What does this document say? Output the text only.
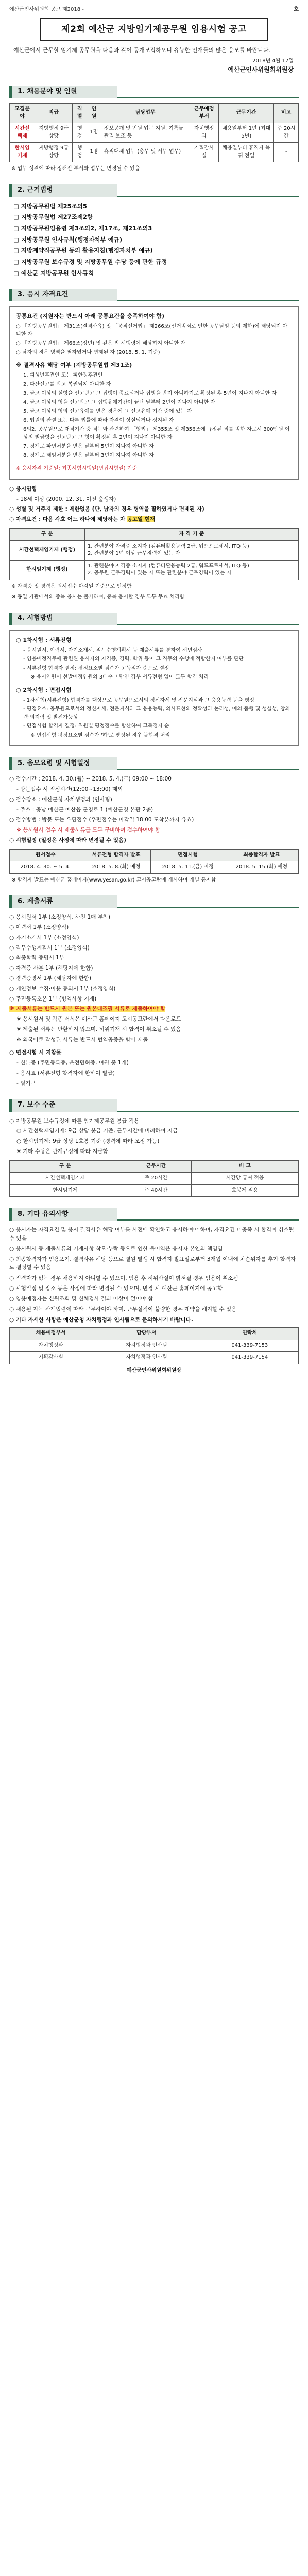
예산군인사위원회 공고 제2018 -	호
제2회 예산군 지방임기제공무원 임용시험 공고
예산군에서 근무할 임기제 공무원을 다음과 같이 공개모집하오니 유능한 인재들의 많은 응모를 바랍니다.
2018년 4월 17일
예산군인사위원회위원장
1. 채용분야 및 인원
모집분야	직급	직렬	인원	담당업무	근무예정부서	근무기간	비고
시간선택제	지방행정 9급 상당	행정	1명	정보공개 및 민원 업무 지원, 기록물 관리 보조 등	자치행정과	채용일부터 1년 (최대 5년)	주 20시간
한시임기제	지방행정 9급 상당	행정	1명	휴직대체 업무 (총무 및 서무 업무)	기획감사실	채용일부터 휴직자 복귀 전일	-
※ 업무 성격에 따라 정해진 부서와 업무는 변경될 수 있음
2. 근거법령
□ 지방공무원법 제25조의5
□ 지방공무원법 제27조제2항
□ 지방공무원임용령 제3조의2, 제17조, 제21조의3
□ 지방공무원 인사규칙(행정자치부 예규)
□ 지방계약직공무원 등의 활용지침(행정자치부 예규)
□ 지방공무원 보수규정 및 지방공무원 수당 등에 관한 규정
□ 예산군 지방공무원 인사규칙
3. 응시 자격요건
공통요건 (지원자는 반드시 아래 공통요건을 충족하여야 함)
○ 「지방공무원법」 제31조(결격사유) 및 「공직선거법」 제266조(선거범죄로 인한 공무담임 등의 제한)에 해당되지 아니한 자
○ 「지방공무원법」 제66조(정년) 및 같은 법 시행령에 해당하지 아니한 자
○ 남자의 경우 병역을 필하였거나 면제된 자 (2018. 5. 1. 기준)
※ 결격사유 해당 여부 (지방공무원법 제31조)
1. 피성년후견인 또는 피한정후견인
2. 파산선고를 받고 복권되지 아니한 자
3. 금고 이상의 실형을 선고받고 그 집행이 종료되거나 집행을 받지 아니하기로 확정된 후 5년이 지나지 아니한 자
4. 금고 이상의 형을 선고받고 그 집행유예기간이 끝난 날부터 2년이 지나지 아니한 자
5. 금고 이상의 형의 선고유예를 받은 경우에 그 선고유예 기간 중에 있는 자
6. 법원의 판결 또는 다른 법률에 따라 자격이 상실되거나 정지된 자
6의2. 공무원으로 재직기간 중 직무와 관련하여 「형법」 제355조 및 제356조에 규정된 죄를 범한 자로서 300만원 이상의 벌금형을 선고받고 그 형이 확정된 후 2년이 지나지 아니한 자
7. 징계로 파면처분을 받은 날부터 5년이 지나지 아니한 자
8. 징계로 해임처분을 받은 날부터 3년이 지나지 아니한 자
※ 응시자격 기준일: 최종시험시행일(면접시험일) 기준
○ 응시연령
- 18세 이상 (2000. 12. 31. 이전 출생자)
○ 성별 및 거주지 제한 : 제한없음 (단, 남자의 경우 병역을 필하였거나 면제된 자)
○ 자격요건 : 다음 각호 어느 하나에 해당하는 자 공고일 현재
구 분	자 격 기 준
시간선택제임기제 (행정)	1. 관련분야 자격증 소지자 (컴퓨터활용능력 2급, 워드프로세서, ITQ 등)
2. 관련분야 1년 이상 근무경력이 있는 자
한시임기제 (행정)	1. 관련분야 자격증 소지자 (컴퓨터활용능력 2급, 워드프로세서, ITQ 등)
2. 공무원 근무경력이 있는 자 또는 관련분야 근무경력이 있는 자
※ 자격증 및 경력은 원서접수 마감일 기준으로 인정함
※ 동일 기관에서의 중복 응시는 불가하며, 중복 응시할 경우 모두 무효 처리함
4. 시험방법
○ 1차시험 : 서류전형
- 응시원서, 이력서, 자기소개서, 직무수행계획서 등 제출서류를 통하여 서면심사
- 임용예정직무에 관련된 응시자의 자격증, 경력, 학위 등이 그 직무의 수행에 적합한지 여부를 판단
- 서류전형 합격자 결정: 평정요소별 점수가 고득점자 순으로 결정
※ 응시인원이 선발예정인원의 3배수 미만인 경우 서류전형 없이 모두 합격 처리
○ 2차시험 : 면접시험
- 1차시험(서류전형) 합격자를 대상으로 공무원으로서의 정신자세 및 전문지식과 그 응용능력 등을 평정
- 평정요소: 공무원으로서의 정신자세, 전문지식과 그 응용능력, 의사표현의 정확성과 논리성, 예의·품행 및 성실성, 창의력·의지력 및 발전가능성
- 면접시험 합격자 결정: 위원별 평정점수를 합산하여 고득점자 순
※ 면접시험 평정요소별 점수가 '하'로 평정된 경우 불합격 처리
5. 응모요령 및 시험일정
○ 접수기간 : 2018. 4. 30.(월) ~ 2018. 5. 4.(금) 09:00 ~ 18:00
- 방문접수 시 점심시간(12:00~13:00) 제외
○ 접수장소 : 예산군청 자치행정과 (인사팀)
- 주소 : 충남 예산군 예산읍 군청로 1 (예산군청 본관 2층)
○ 접수방법 : 방문 또는 우편접수 (우편접수는 마감일 18:00 도착분까지 유효)
※ 응시원서 접수 시 제출서류를 모두 구비하여 접수하여야 함
○ 시험일정 (일정은 사정에 따라 변경될 수 있음)
원서접수	서류전형 합격자 발표	면접시험	최종합격자 발표
2018. 4. 30. ~ 5. 4.	2018. 5. 8.(화) 예정	2018. 5. 11.(금) 예정	2018. 5. 15.(화) 예정
※ 합격자 발표는 예산군 홈페이지(www.yesan.go.kr) 고시공고란에 게시하며 개별 통지함
6. 제출서류
○ 응시원서 1부 (소정양식, 사진 1매 부착)
○ 이력서 1부 (소정양식)
○ 자기소개서 1부 (소정양식)
○ 직무수행계획서 1부 (소정양식)
○ 최종학력 증명서 1부
○ 자격증 사본 1부 (해당자에 한함)
○ 경력증명서 1부 (해당자에 한함)
○ 개인정보 수집·이용 동의서 1부 (소정양식)
○ 주민등록초본 1부 (병역사항 기재)
※ 제출서류는 반드시 원본 또는 원본대조필 서류로 제출하여야 함
※ 응시원서 및 각종 서식은 예산군 홈페이지 고시공고란에서 다운로드
※ 제출된 서류는 반환하지 않으며, 허위기재 시 합격이 취소될 수 있음
※ 외국어로 작성된 서류는 반드시 번역공증을 받아 제출
○ 면접시험 시 지참물
- 신분증 (주민등록증, 운전면허증, 여권 중 1개)
- 응시표 (서류전형 합격자에 한하여 발급)
- 필기구
7. 보수 수준
○ 지방공무원 보수규정에 따른 임기제공무원 봉급 적용
○ 시간선택제임기제: 9급 상당 봉급 기준, 근무시간에 비례하여 지급
○ 한시임기제: 9급 상당 1호봉 기준 (경력에 따라 조정 가능)
※ 기타 수당은 관계규정에 따라 지급함
구 분	근무시간	비 고
시간선택제임기제	주 20시간	시간당 급여 적용
한시임기제	주 40시간	호봉제 적용
8. 기타 유의사항
○ 응시자는 자격요건 및 응시 결격사유 해당 여부를 사전에 확인하고 응시하여야 하며, 자격요건 미충족 시 합격이 취소될 수 있음
○ 응시원서 등 제출서류의 기재사항 착오·누락 등으로 인한 불이익은 응시자 본인의 책임임
○ 최종합격자가 임용포기, 결격사유 해당 등으로 결원 발생 시 합격자 발표일로부터 3개월 이내에 차순위자를 추가 합격자로 결정할 수 있음
○ 적격자가 없는 경우 채용하지 아니할 수 있으며, 임용 후 허위사실이 밝혀질 경우 임용이 취소됨
○ 시험일정 및 장소 등은 사정에 따라 변경될 수 있으며, 변경 시 예산군 홈페이지에 공고함
○ 임용예정자는 신원조회 및 신체검사 결과 이상이 없어야 함
○ 채용된 자는 관계법령에 따라 근무하여야 하며, 근무실적이 불량한 경우 계약을 해지할 수 있음
○ 기타 자세한 사항은 예산군청 자치행정과 인사팀으로 문의하시기 바랍니다.
채용예정부서	담당부서	연락처
자치행정과	자치행정과 인사팀	041-339-7153
기획감사실	자치행정과 인사팀	041-339-7154
예산군인사위원회위원장
